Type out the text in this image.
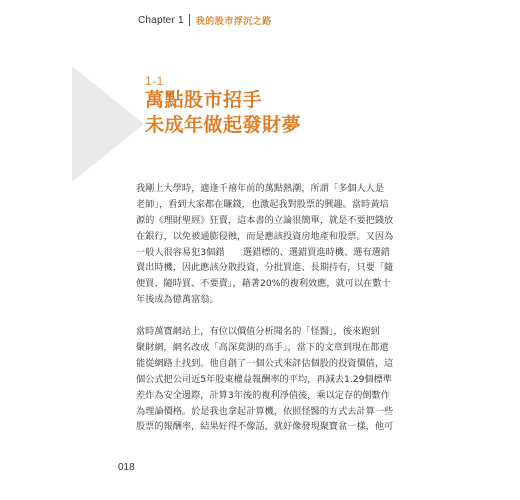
Chapter 1 我的股市浮沉之路
1-1
萬點股市招手
未成年做起發財夢
我剛上大學時，適逢千禧年前的萬點熱潮，所謂「多個人人是
老師」，看到大家都在賺錢，也激起我對股票的興趣。當時黃培
源的《理財聖經》狂賣，這本書的立論很簡單，就是不要把錢放
在銀行，以免被通膨侵蝕，而是應該投資房地產和股票。又因為
一般人很容易犯3個錯　　選錯標的、選錯買進時機、選有選錯
賣出時機，因此應該分散投資、分批買進、長期持有，只要「隨
便買、隨時買、不要賣」，藉著20%的複利效應，就可以在數十
年後成為億萬富翁。
當時萬寶網站上，有位以價值分析聞名的「怪醫」，後來跑到
聚財網，網名改成「高深莫測的高手」，當下的文章到現在都還
能從網路上找到。他自創了一個公式來評估個股的投資價值，這
個公式把公司近5年股東權益報酬率的平均，再減去1.29個標準
差作為安全邊際，計算3年後的複利淨值後，乘以定存的倒數作
為理論價格。於是我也拿起計算機，依照怪醫的方式去計算一些
股票的報酬率，結果好得不像話，就好像發現聚寶盆一樣，他可
018
